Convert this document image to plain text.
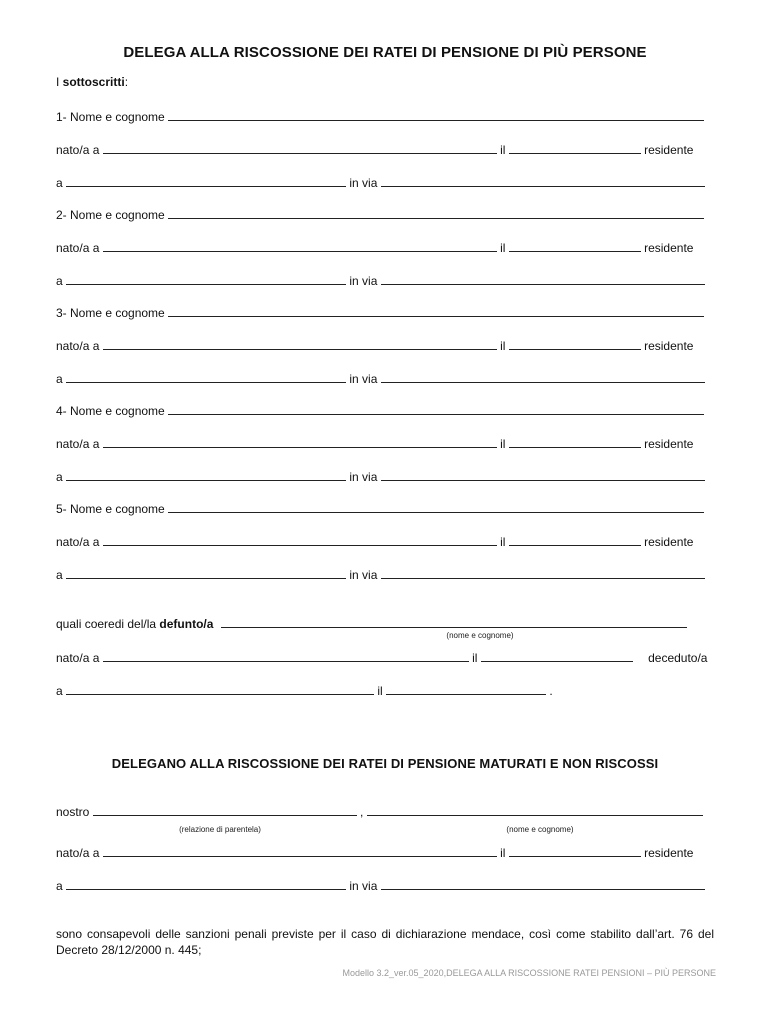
DELEGA ALLA RISCOSSIONE DEI RATEI DI PENSIONE DI PIÙ PERSONE
I sottoscritti:
1- Nome e cognome
nato/a a	il	residente
a	in via
2- Nome e cognome
nato/a a	il	residente
a	in via
3- Nome e cognome
nato/a a	il	residente
a	in via
4- Nome e cognome
nato/a a	il	residente
a	in via
5- Nome e cognome
nato/a a	il	residente
a	in via
quali coeredi del/la defunto/a
(nome e cognome)
nato/a a	il	deceduto/a
a	il	.
DELEGANO ALLA RISCOSSIONE DEI RATEI DI PENSIONE MATURATI E NON RISCOSSI
nostro	,
(relazione di parentela)	(nome e cognome)
nato/a a	il	residente
a	in via
sono consapevoli delle sanzioni penali previste per il caso di dichiarazione mendace, così come stabilito dall’art. 76 del Decreto 28/12/2000 n. 445;
Modello 3.2_ver.05_2020,DELEGA ALLA RISCOSSIONE RATEI PENSIONI – PIÙ PERSONE
